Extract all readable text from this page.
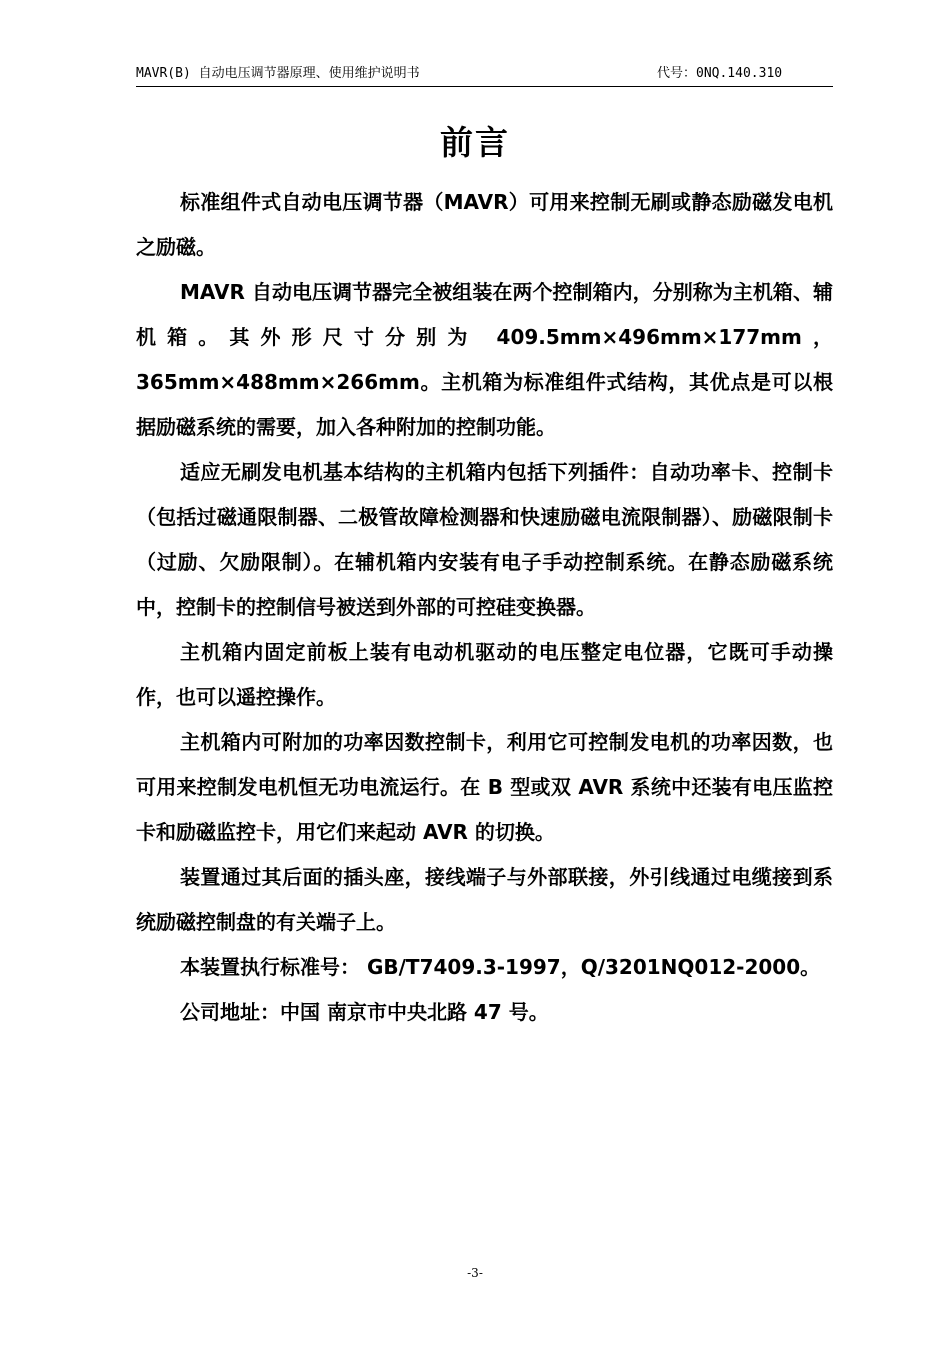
MAVR(B) 自动电压调节器原理、使用维护说明书	代号：0NQ.140.310
前言

标准组件式自动电压调节器（MAVR）可用来控制无刷或静态励磁发电机之励磁。

MAVR 自动电压调节器完全被组装在两个控制箱内，分别称为主机箱、辅机箱。其外形尺寸分别为 409.5mm×496mm×177mm，365mm×488mm×266mm。主机箱为标准组件式结构，其优点是可以根据励磁系统的需要，加入各种附加的控制功能。

适应无刷发电机基本结构的主机箱内包括下列插件：自动功率卡、控制卡（包括过磁通限制器、二极管故障检测器和快速励磁电流限制器）、励磁限制卡（过励、欠励限制）。在辅机箱内安装有电子手动控制系统。在静态励磁系统中，控制卡的控制信号被送到外部的可控硅变换器。

主机箱内固定前板上装有电动机驱动的电压整定电位器，它既可手动操作，也可以遥控操作。

主机箱内可附加的功率因数控制卡，利用它可控制发电机的功率因数，也可用来控制发电机恒无功电流运行。在 B 型或双 AVR 系统中还装有电压监控卡和励磁监控卡，用它们来起动 AVR 的切换。

装置通过其后面的插头座，接线端子与外部联接，外引线通过电缆接到系统励磁控制盘的有关端子上。

本装置执行标准号： GB/T7409.3-1997，Q/3201NQ012-2000。

公司地址：中国 南京市中央北路 47 号。

-3-
